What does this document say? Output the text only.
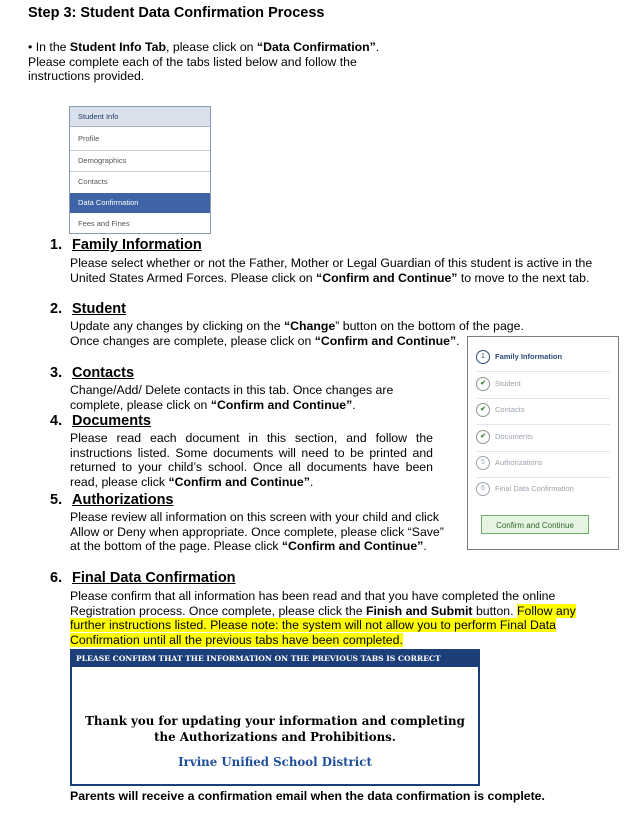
Step 3: Student Data Confirmation Process
• In the Student Info Tab, please click on “Data Confirmation”. Please complete each of the tabs listed below and follow the instructions provided.
Student Info
Profile
Demographics
Contacts
Data Confirmation
Fees and Fines
1. Family Information
Please select whether or not the Father, Mother or Legal Guardian of this student is active in the United States Armed Forces. Please click on “Confirm and Continue” to move to the next tab.
2. Student
Update any changes by clicking on the “Change” button on the bottom of the page. Once changes are complete, please click on “Confirm and Continue”.
3. Contacts
Change/Add/ Delete contacts in this tab. Once changes are complete, please click on “Confirm and Continue”.
4. Documents
Please read each document in this section, and follow the instructions listed. Some documents will need to be printed and returned to your child’s school. Once all documents have been read, please click “Confirm and Continue”.
5. Authorizations
Please review all information on this screen with your child and click Allow or Deny when appropriate. Once complete, please click “Save” at the bottom of the page. Please click “Confirm and Continue”.
6. Final Data Confirmation
Please confirm that all information has been read and that you have completed the online Registration process. Once complete, please click the Finish and Submit button. Follow any further instructions listed. Please note: the system will not allow you to perform Final Data Confirmation until all the previous tabs have been completed.
1 Family Information
✔ Student
✔ Contacts
✔ Documents
5 Authorizations
6 Final Data Confirmation
Confirm and Continue
PLEASE CONFIRM THAT THE INFORMATION ON THE PREVIOUS TABS IS CORRECT
Thank you for updating your information and completing
the Authorizations and Prohibitions.
Irvine Unified School District
Parents will receive a confirmation email when the data confirmation is complete.
